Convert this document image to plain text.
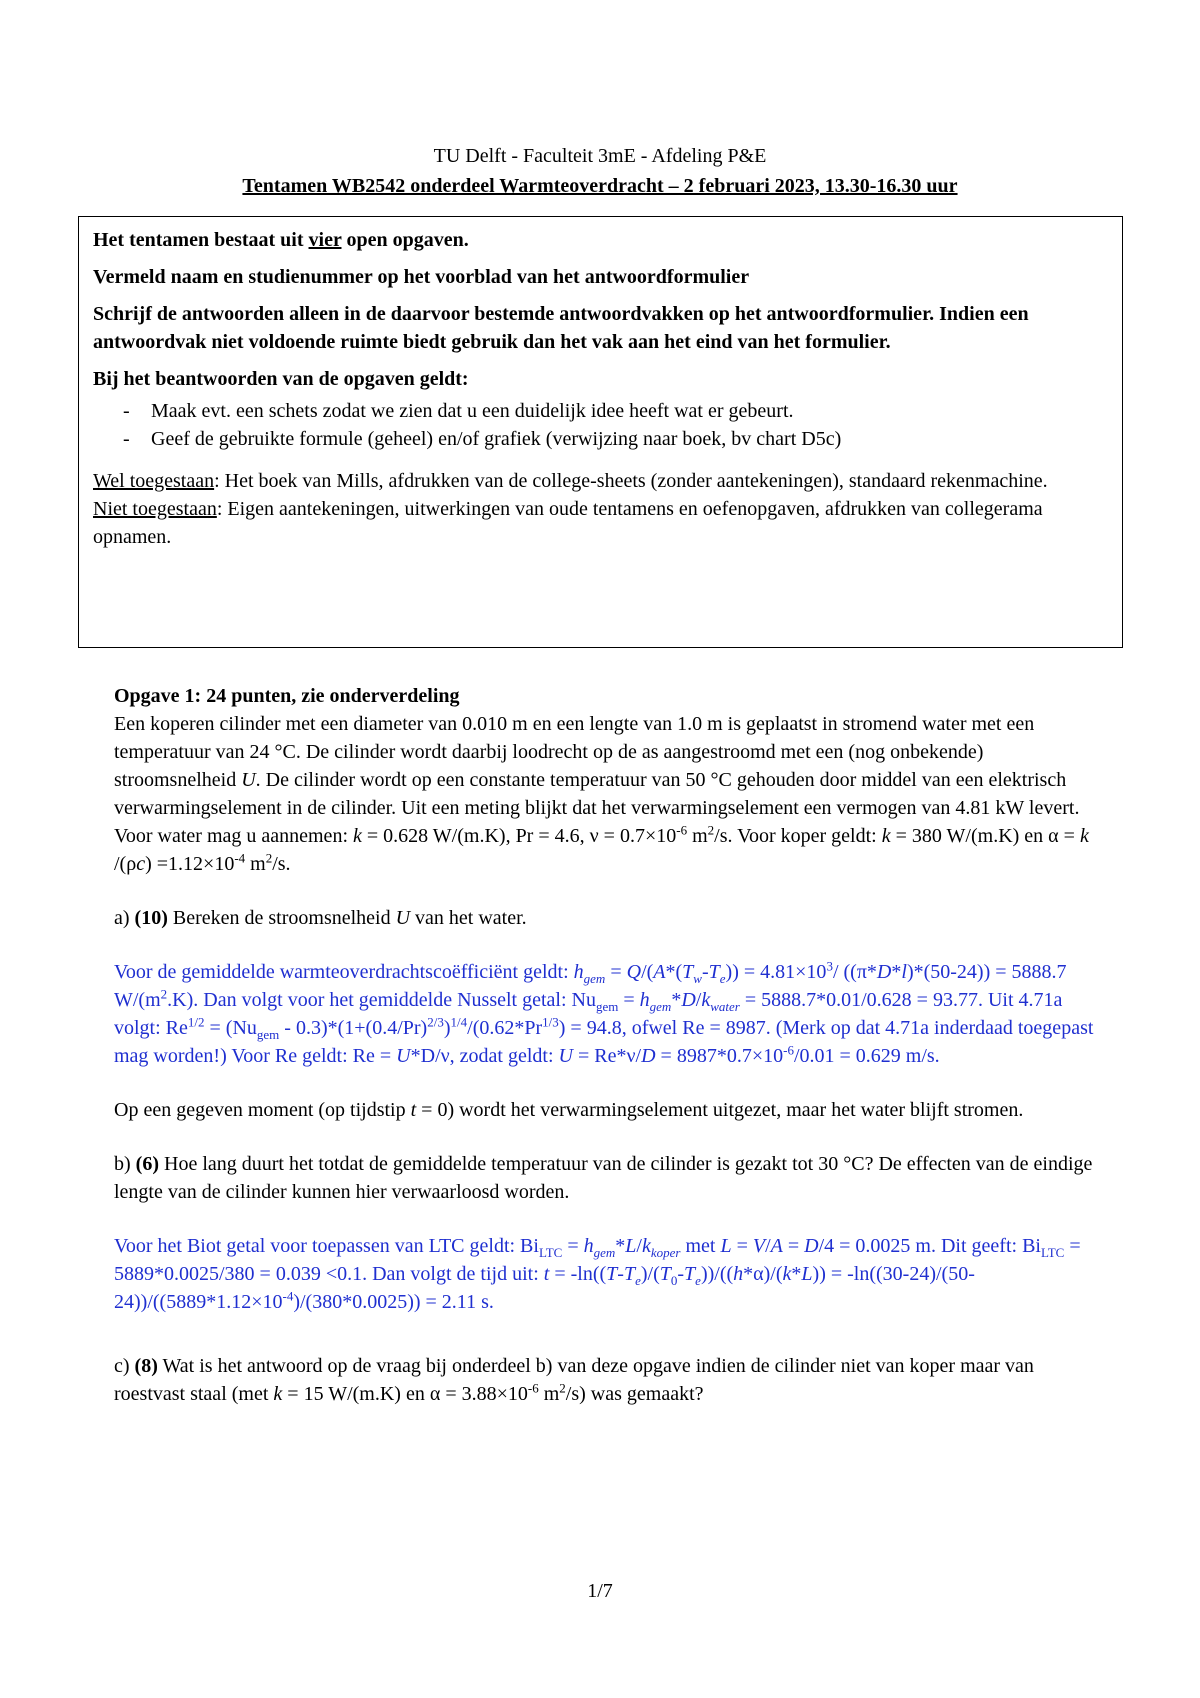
TU Delft - Faculteit 3mE - Afdeling P&E
Tentamen WB2542 onderdeel Warmteoverdracht – 2 februari 2023, 13.30-16.30 uur

Het tentamen bestaat uit vier open opgaven.

Vermeld naam en studienummer op het voorblad van het antwoordformulier

Schrijf de antwoorden alleen in de daarvoor bestemde antwoordvakken op het antwoordformulier. Indien een antwoordvak niet voldoende ruimte biedt gebruik dan het vak aan het eind van het formulier.

Bij het beantwoorden van de opgaven geldt:

- Maak evt. een schets zodat we zien dat u een duidelijk idee heeft wat er gebeurt.
- Geef de gebruikte formule (geheel) en/of grafiek (verwijzing naar boek, bv chart D5c)

Wel toegestaan: Het boek van Mills, afdrukken van de college-sheets (zonder aantekeningen), standaard rekenmachine.

Niet toegestaan: Eigen aantekeningen, uitwerkingen van oude tentamens en oefenopgaven, afdrukken van collegerama opnamen.

Opgave 1: 24 punten, zie onderverdeling

Een koperen cilinder met een diameter van 0.010 m en een lengte van 1.0 m is geplaatst in stromend water met een temperatuur van 24 °C. De cilinder wordt daarbij loodrecht op de as aangestroomd met een (nog onbekende) stroomsnelheid U. De cilinder wordt op een constante temperatuur van 50 °C gehouden door middel van een elektrisch verwarmingselement in de cilinder. Uit een meting blijkt dat het verwarmingselement een vermogen van 4.81 kW levert. Voor water mag u aannemen: k = 0.628 W/(m.K), Pr = 4.6, $\nu = 0.7\times 10^{-6}$ $m^2/s$. Voor koper geldt: k = 380 W/(m.K) en α = k $/(\rho c) =1.12\times 10^{-4}$ $m^2/s$.

a) (10) Bereken de stroomsnelheid U van het water.

Voor de gemiddelde warmteoverdrachtscoëfficiënt geldt: $h_{gem} = Q/(A*(T_w-T_e)) = 4.81\times 10^3/$ ((π*D*l)*(50-24)) = 5888.7 $W/(m^2.K)$. Dan volgt voor het gemiddelde Nusselt getal: $Nu_{gem} = h_{gem}*D/k_{water} = 5888.7*0.01/0.628 = 93.77$. Uit 4.71a volgt: $Re^{1/2} = (Nu_{gem} - 0.3)*(1+(0.4/Pr)^{2/3})^{1/4}/(0.62*Pr^{1/3}) = 94.8$, ofwel Re = 8987. (Merk op dat 4.71a inderdaad toegepast mag worden!) Voor Re geldt: Re = U*D/ν, zodat geldt: $U = Re*\nu/D = 8987*0.7\times 10^{-6}/0.01 = 0.629$ m/s.

Op een gegeven moment (op tijdstip t = 0) wordt het verwarmingselement uitgezet, maar het water blijft stromen.

b) (6) Hoe lang duurt het totdat de gemiddelde temperatuur van de cilinder is gezakt tot 30 °C? De effecten van de eindige lengte van de cilinder kunnen hier verwaarloosd worden.

Voor het Biot getal voor toepassen van LTC geldt: $Bi_{LTC} = h_{gem}*L/k_{koper}$ met L = V/A = D/4 = 0.0025 m. Dit geeft: $Bi_{LTC} = 5889*0.0025/380 = 0.039 <0.1$. Dan volgt de tijd uit: $t = -\ln((T-T_e)/(T_0-T_e))/((h*\alpha)/(k*L)) = -\ln((30-24)/(50-24))/((5889*1.12\times 10^{-4})/(380*0.0025)) = 2.11$ s.

c) (8) Wat is het antwoord op de vraag bij onderdeel b) van deze opgave indien de cilinder niet van koper maar van roestvast staal (met k = 15 W/(m.K) en $\alpha = 3.88\times 10^{-6}$ $m^2/s$) was gemaakt?

1/7
